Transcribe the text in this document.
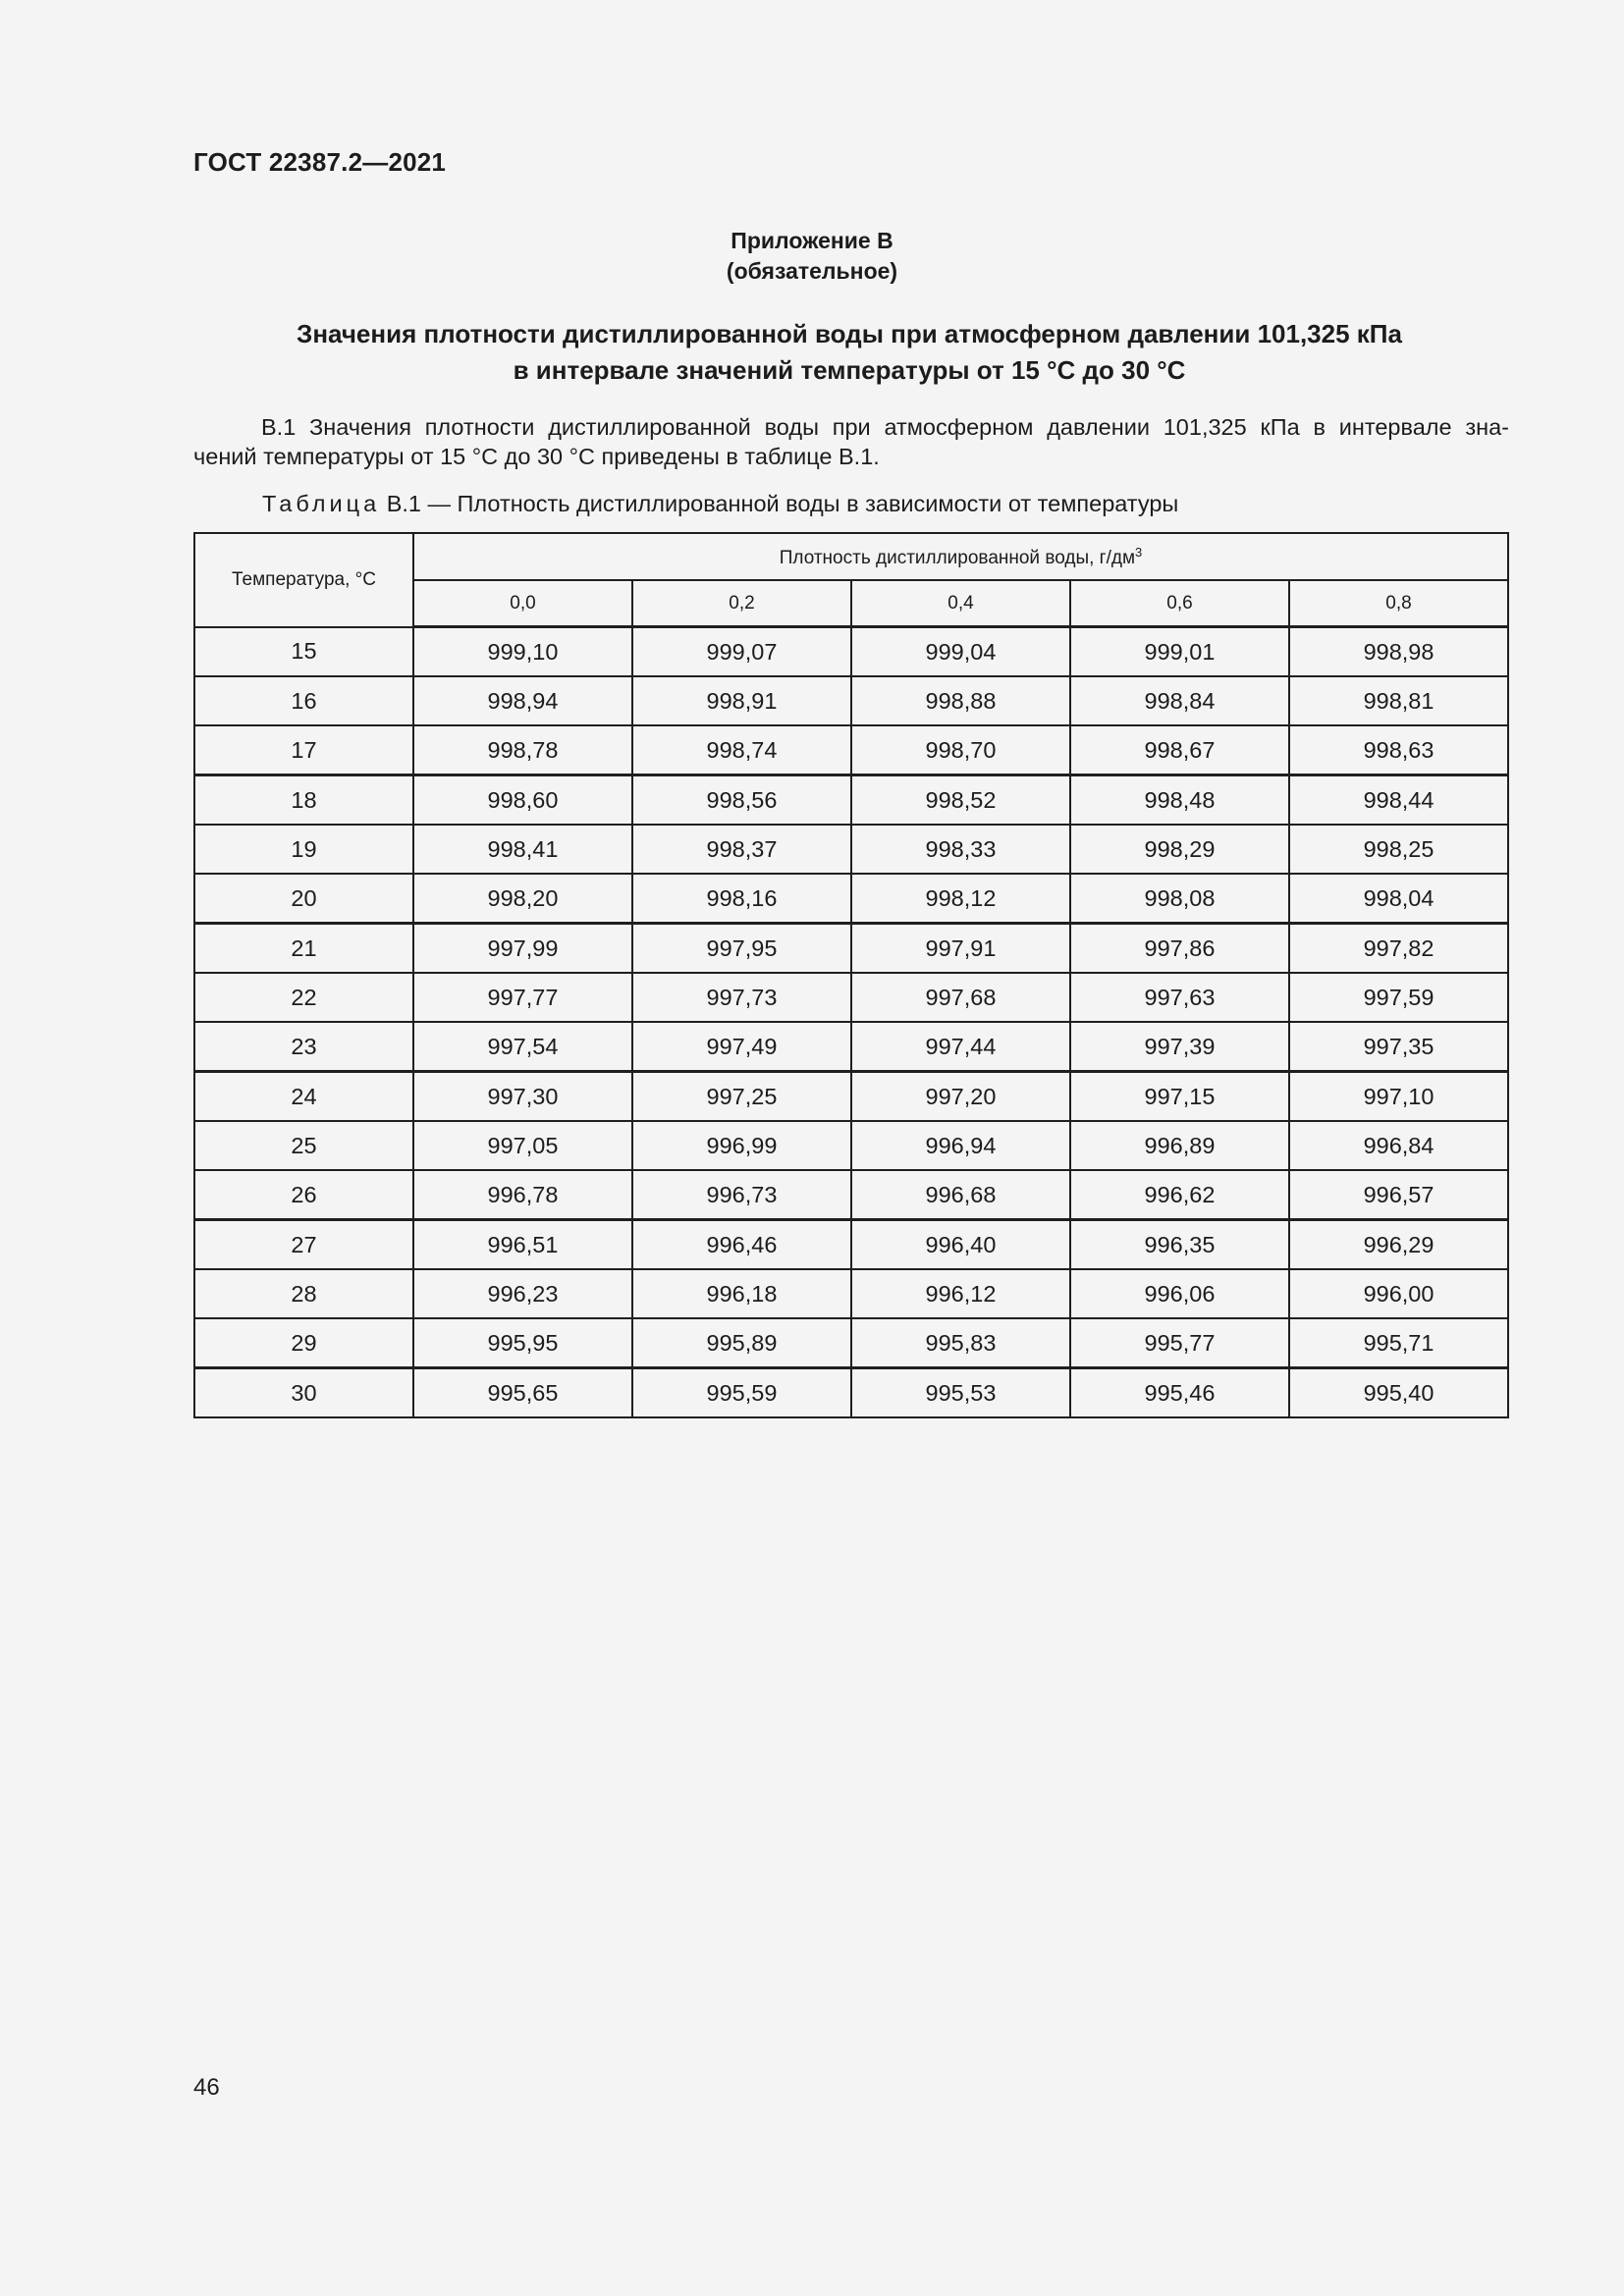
ГОСТ 22387.2—2021
Приложение В
(обязательное)
Значения плотности дистиллированной воды при атмосферном давлении 101,325 кПа
в интервале значений температуры от 15 °С до 30 °С
В.1 Значения плотности дистиллированной воды при атмосферном давлении 101,325 кПа в интервале зна-
чений температуры от 15 °С до 30 °С приведены в таблице В.1.
Таблица В.1 — Плотность дистиллированной воды в зависимости от температуры
Температура, °С	Плотность дистиллированной воды, $г/дм^3$
	0,0	0,2	0,4	0,6	0,8
15	999,10	999,07	999,04	999,01	998,98
16	998,94	998,91	998,88	998,84	998,81
17	998,78	998,74	998,70	998,67	998,63
18	998,60	998,56	998,52	998,48	998,44
19	998,41	998,37	998,33	998,29	998,25
20	998,20	998,16	998,12	998,08	998,04
21	997,99	997,95	997,91	997,86	997,82
22	997,77	997,73	997,68	997,63	997,59
23	997,54	997,49	997,44	997,39	997,35
24	997,30	997,25	997,20	997,15	997,10
25	997,05	996,99	996,94	996,89	996,84
26	996,78	996,73	996,68	996,62	996,57
27	996,51	996,46	996,40	996,35	996,29
28	996,23	996,18	996,12	996,06	996,00
29	995,95	995,89	995,83	995,77	995,71
30	995,65	995,59	995,53	995,46	995,40
46
